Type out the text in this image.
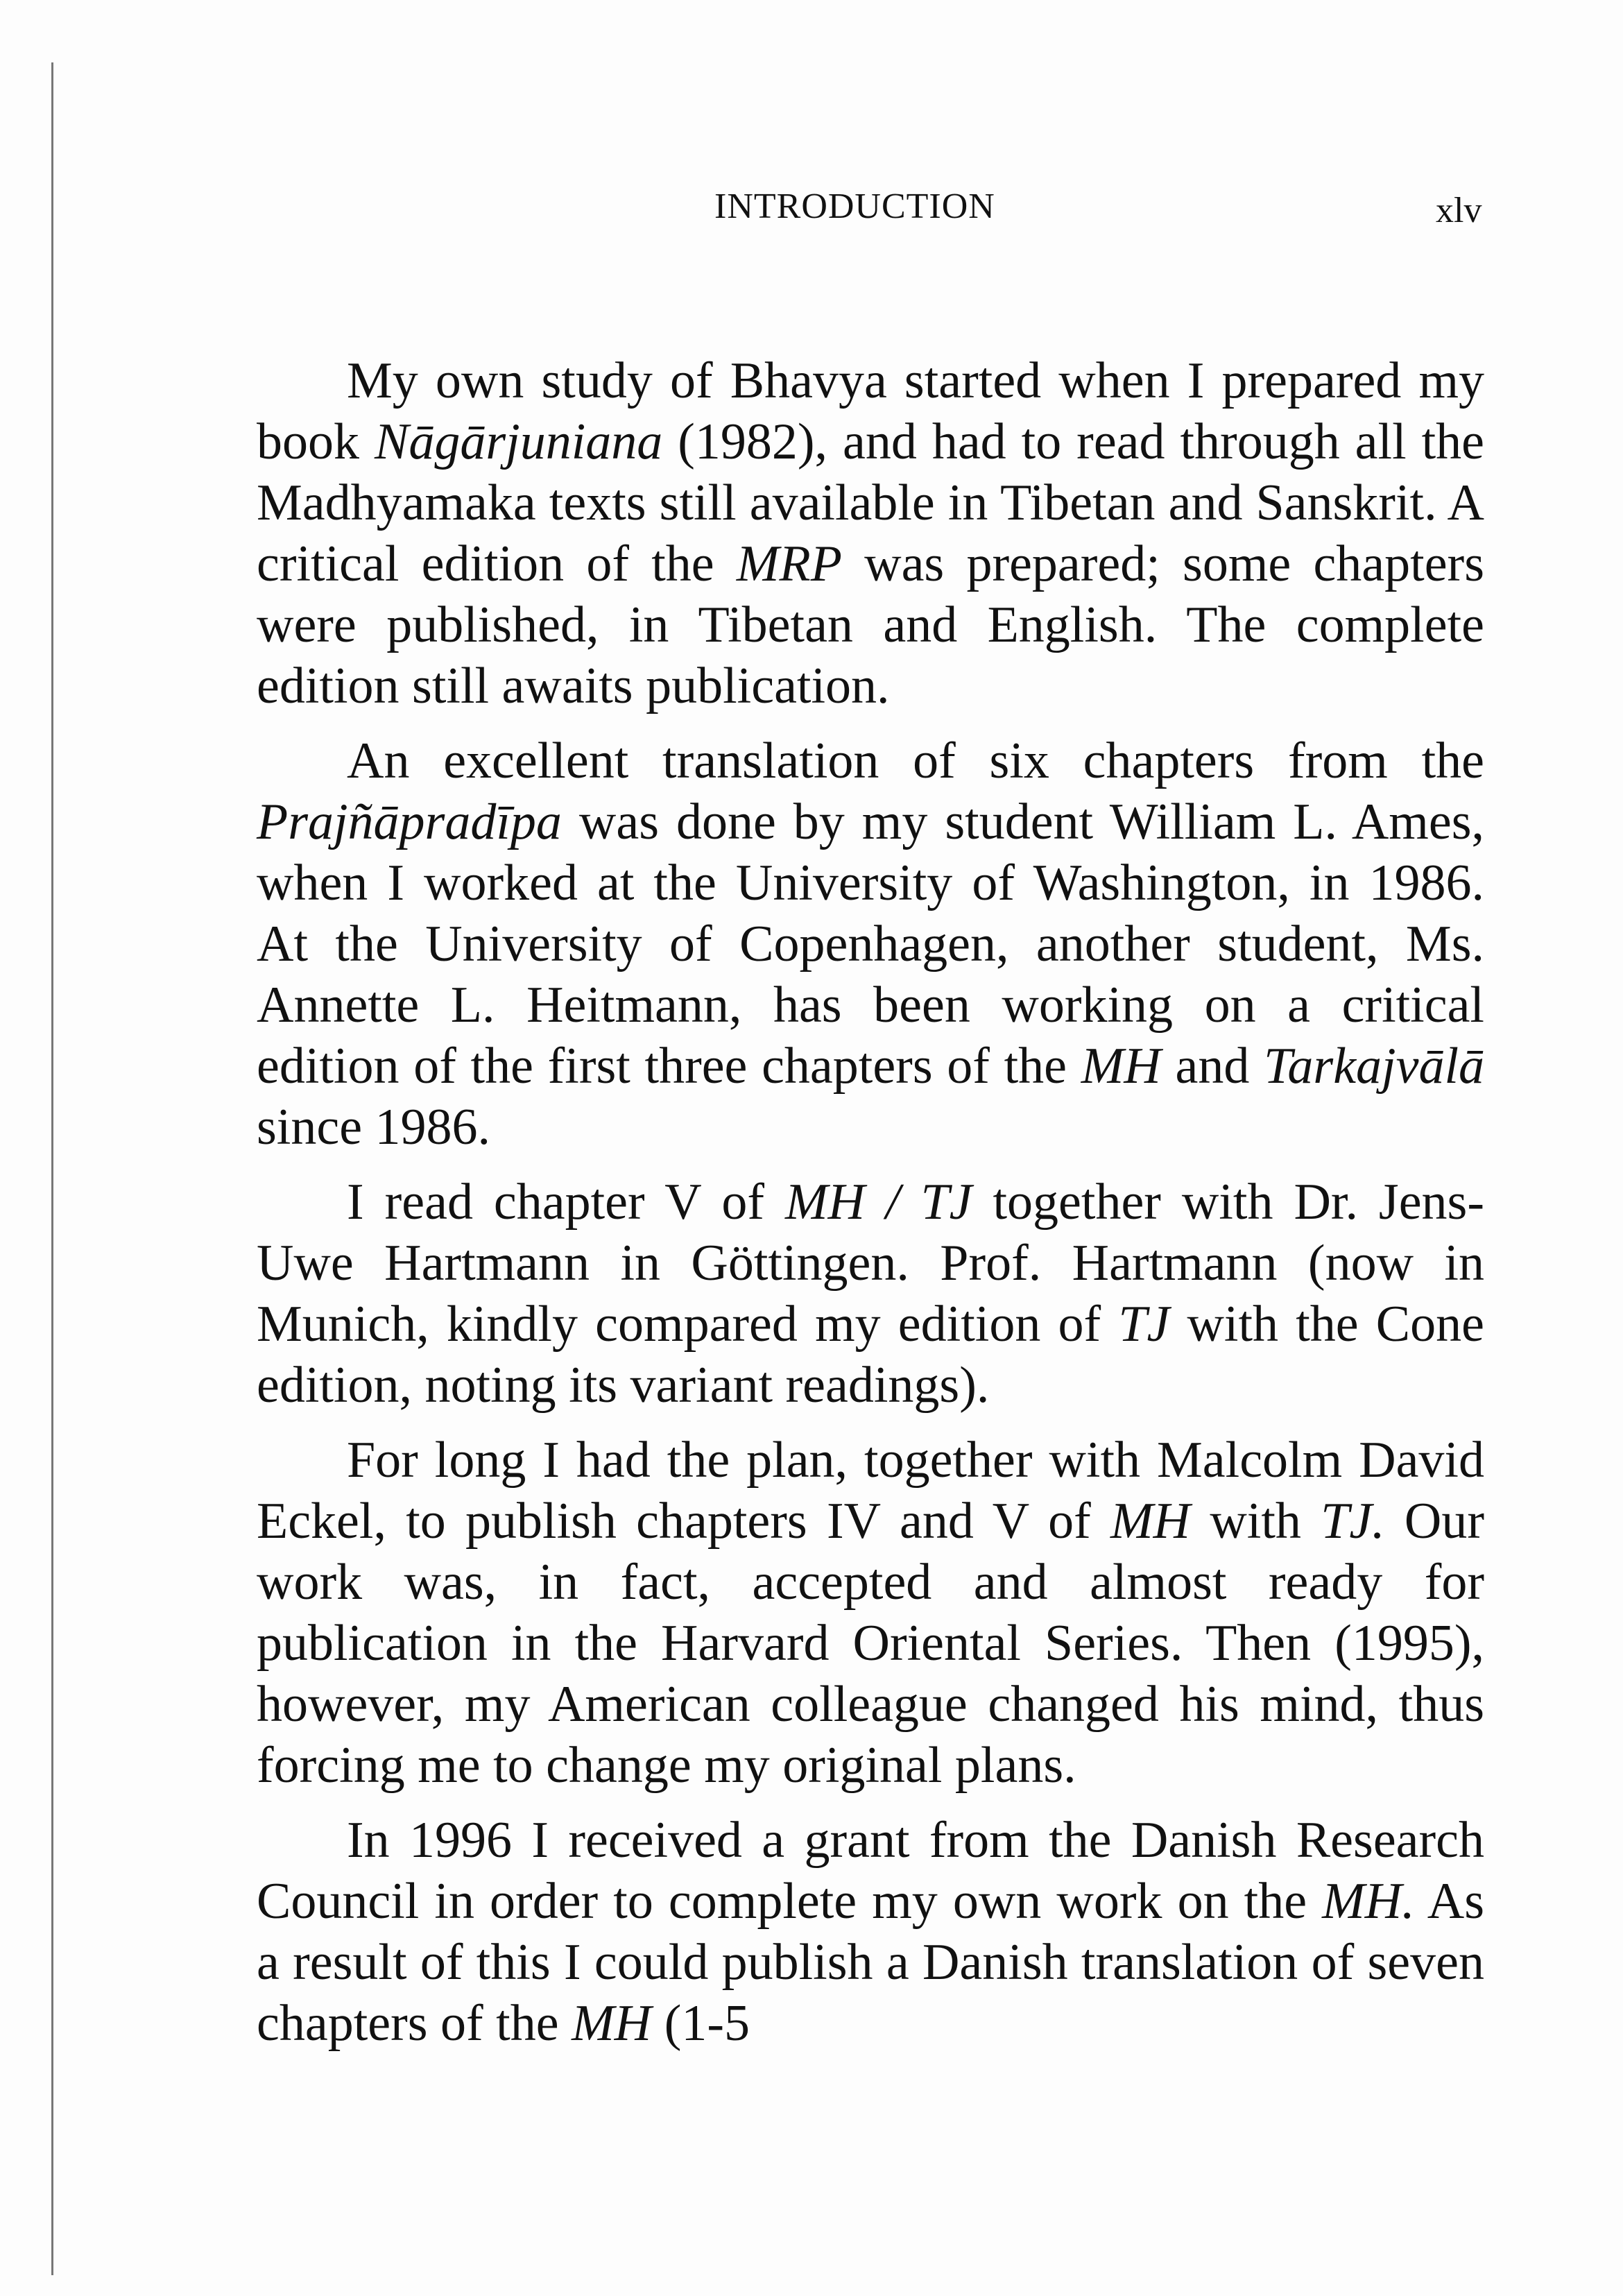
INTRODUCTION	xlv

My own study of Bhavya started when I prepared my book Nāgārjuniana (1982), and had to read through all the Madhyamaka texts still available in Tibetan and Sanskrit. A critical edition of the MRP was prepared; some chapters were published, in Tibetan and English. The complete edition still awaits publication.

An excellent translation of six chapters from the Prajñāpradīpa was done by my student William L. Ames, when I worked at the University of Washington, in 1986. At the University of Copenhagen, another student, Ms. Annette L. Heitmann, has been working on a critical edition of the first three chapters of the MH and Tarkajvālā since 1986.

I read chapter V of MH / TJ together with Dr. Jens-Uwe Hartmann in Göttingen. Prof. Hartmann (now in Munich, kindly compared my edition of TJ with the Cone edition, noting its variant readings).

For long I had the plan, together with Malcolm David Eckel, to publish chapters IV and V of MH with TJ. Our work was, in fact, accepted and almost ready for publication in the Harvard Oriental Series. Then (1995), however, my American colleague changed his mind, thus forcing me to change my original plans.

In 1996 I received a grant from the Danish Research Council in order to complete my own work on the MH. As a result of this I could publish a Danish translation of seven chapters of the MH (1-5
